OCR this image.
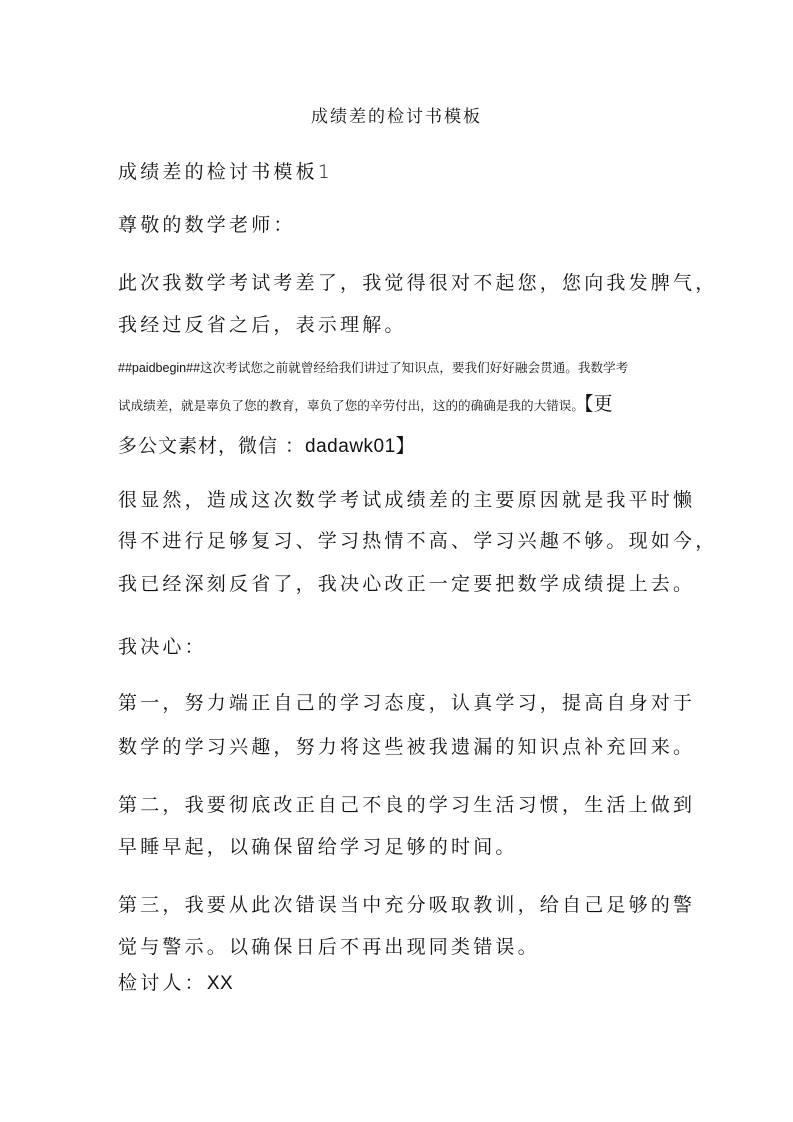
成绩差的检讨书模板
成绩差的检讨书模板1
尊敬的数学老师：
此次我数学考试考差了，我觉得很对不起您，您向我发脾气，
我经过反省之后，表示理解。
##paidbegin##这次考试您之前就曾经给我们讲过了知识点，要我们好好融会贯通。我数学考
试成绩差，就是辜负了您的教育，辜负了您的辛劳付出，这的的确确是我的大错误。【更
多公文素材，微信 ：dadawk01】
很显然，造成这次数学考试成绩差的主要原因就是我平时懒
得不进行足够复习、学习热情不高、学习兴趣不够。现如今，
我已经深刻反省了，我决心改正一定要把数学成绩提上去。
我决心：
第一，努力端正自己的学习态度，认真学习，提高自身对于
数学的学习兴趣，努力将这些被我遗漏的知识点补充回来。
第二，我要彻底改正自己不良的学习生活习惯，生活上做到
早睡早起，以确保留给学习足够的时间。
第三，我要从此次错误当中充分吸取教训，给自己足够的警
觉与警示。以确保日后不再出现同类错误。
检讨人：XX
